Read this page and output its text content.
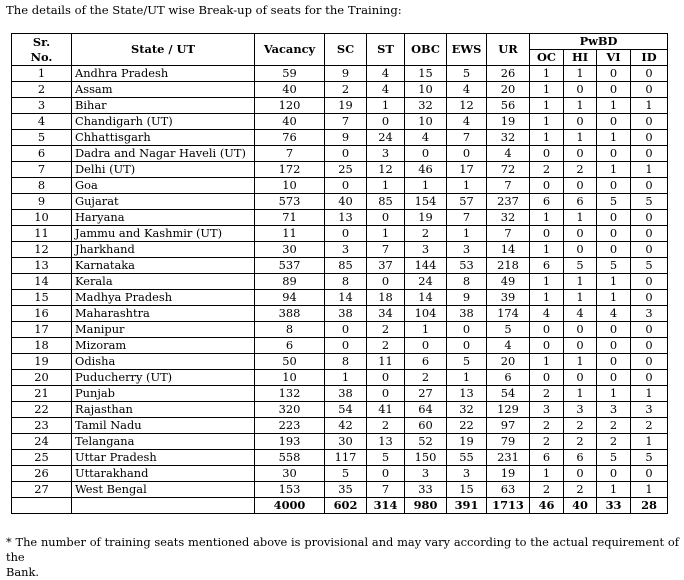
The details of the State/UT wise Break-up of seats for the Training:
Sr. No.	State / UT	Vacancy	SC	ST	OBC	EWS	UR	PwBD			
								OC	HI	VI	ID
1	Andhra Pradesh	59	9	4	15	5	26	1	1	0	0
2	Assam	40	2	4	10	4	20	1	0	0	0
3	Bihar	120	19	1	32	12	56	1	1	1	1
4	Chandigarh (UT)	40	7	0	10	4	19	1	0	0	0
5	Chhattisgarh	76	9	24	4	7	32	1	1	1	0
6	Dadra and Nagar Haveli (UT)	7	0	3	0	0	4	0	0	0	0
7	Delhi (UT)	172	25	12	46	17	72	2	2	1	1
8	Goa	10	0	1	1	1	7	0	0	0	0
9	Gujarat	573	40	85	154	57	237	6	6	5	5
10	Haryana	71	13	0	19	7	32	1	1	0	0
11	Jammu and Kashmir (UT)	11	0	1	2	1	7	0	0	0	0
12	Jharkhand	30	3	7	3	3	14	1	0	0	0
13	Karnataka	537	85	37	144	53	218	6	5	5	5
14	Kerala	89	8	0	24	8	49	1	1	1	0
15	Madhya Pradesh	94	14	18	14	9	39	1	1	1	0
16	Maharashtra	388	38	34	104	38	174	4	4	4	3
17	Manipur	8	0	2	1	0	5	0	0	0	0
18	Mizoram	6	0	2	0	0	4	0	0	0	0
19	Odisha	50	8	11	6	5	20	1	1	0	0
20	Puducherry (UT)	10	1	0	2	1	6	0	0	0	0
21	Punjab	132	38	0	27	13	54	2	1	1	1
22	Rajasthan	320	54	41	64	32	129	3	3	3	3
23	Tamil Nadu	223	42	2	60	22	97	2	2	2	2
24	Telangana	193	30	13	52	19	79	2	2	2	1
25	Uttar Pradesh	558	117	5	150	55	231	6	6	5	5
26	Uttarakhand	30	5	0	3	3	19	1	0	0	0
27	West Bengal	153	35	7	33	15	63	2	2	1	1
		4000	602	314	980	391	1713	46	40	33	28
* The number of training seats mentioned above is provisional and may vary according to the actual requirement of the
Bank.
